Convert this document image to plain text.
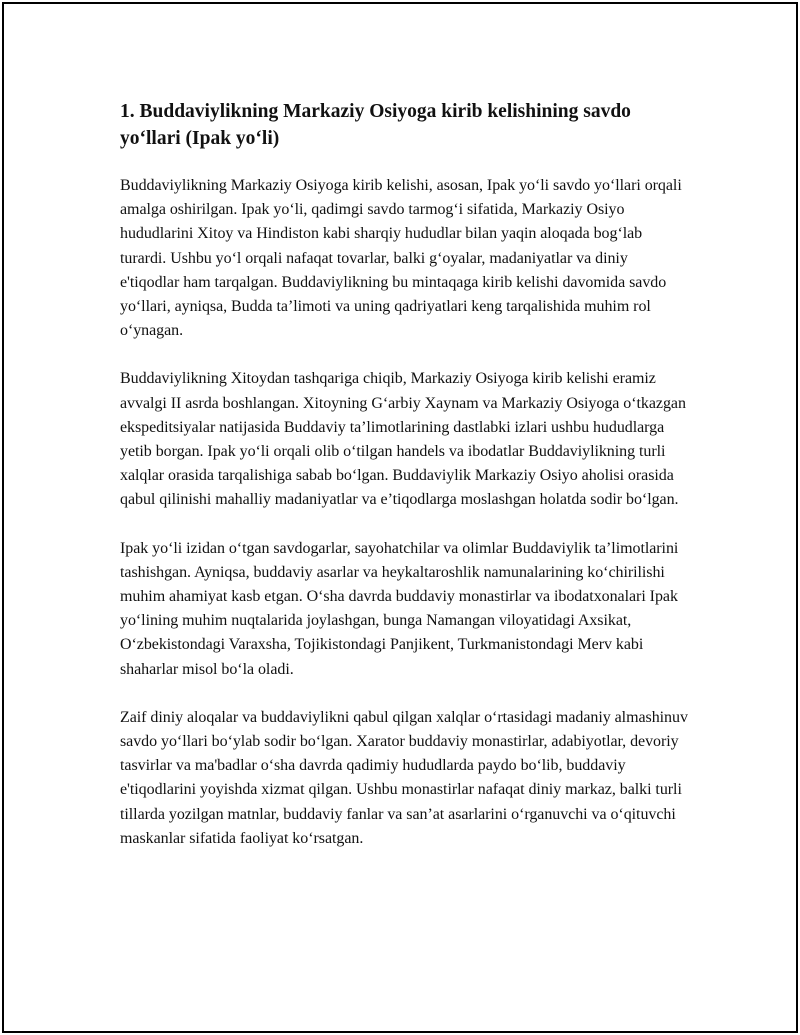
1. Buddaviylikning Markaziy Osiyoga kirib kelishining savdo yo‘llari (Ipak yo‘li)

Buddaviylikning Markaziy Osiyoga kirib kelishi, asosan, Ipak yo‘li savdo yo‘llari orqali amalga oshirilgan. Ipak yo‘li, qadimgi savdo tarmog‘i sifatida, Markaziy Osiyo hududlarini Xitoy va Hindiston kabi sharqiy hududlar bilan yaqin aloqada bog‘lab turardi. Ushbu yo‘l orqali nafaqat tovarlar, balki g‘oyalar, madaniyatlar va diniy e'tiqodlar ham tarqalgan. Buddaviylikning bu mintaqaga kirib kelishi davomida savdo yo‘llari, ayniqsa, Budda ta’limoti va uning qadriyatlari keng tarqalishida muhim rol o‘ynagan.

Buddaviylikning Xitoydan tashqariga chiqib, Markaziy Osiyoga kirib kelishi eramiz avvalgi II asrda boshlangan. Xitoyning G‘arbiy Xaynam va Markaziy Osiyoga o‘tkazgan ekspeditsiyalar natijasida Buddaviy ta’limotlarining dastlabki izlari ushbu hududlarga yetib borgan. Ipak yo‘li orqali olib o‘tilgan handels va ibodatlar Buddaviylikning turli xalqlar orasida tarqalishiga sabab bo‘lgan. Buddaviylik Markaziy Osiyo aholisi orasida qabul qilinishi mahalliy madaniyatlar va e’tiqodlarga moslashgan holatda sodir bo‘lgan.

Ipak yo‘li izidan o‘tgan savdogarlar, sayohatchilar va olimlar Buddaviylik ta’limotlarini tashishgan. Ayniqsa, buddaviy asarlar va heykaltaroshlik namunalarining ko‘chirilishi muhim ahamiyat kasb etgan. O‘sha davrda buddaviy monastirlar va ibodatxonalari Ipak yo‘lining muhim nuqtalarida joylashgan, bunga Namangan viloyatidagi Axsikat, O‘zbekistondagi Varaxsha, Tojikistondagi Panjikent, Turkmanistondagi Merv kabi shaharlar misol bo‘la oladi.

Zaif diniy aloqalar va buddaviylikni qabul qilgan xalqlar o‘rtasidagi madaniy almashinuv savdo yo‘llari bo‘ylab sodir bo‘lgan. Xarator buddaviy monastirlar, adabiyotlar, devoriy tasvirlar va ma'badlar o‘sha davrda qadimiy hududlarda paydo bo‘lib, buddaviy e'tiqodlarini yoyishda xizmat qilgan. Ushbu monastirlar nafaqat diniy markaz, balki turli tillarda yozilgan matnlar, buddaviy fanlar va san’at asarlarini o‘rganuvchi va o‘qituvchi maskanlar sifatida faoliyat ko‘rsatgan.
